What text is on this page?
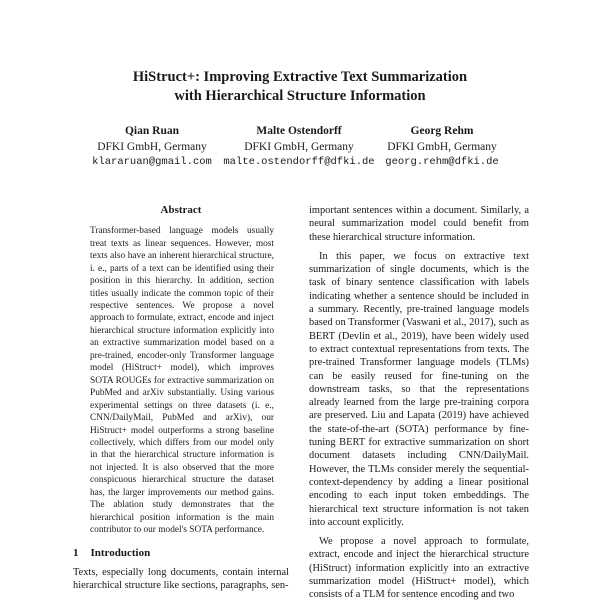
HiStruct+: Improving Extractive Text Summarization
with Hierarchical Structure Information
Qian Ruan
DFKI GmbH, Germany
klararuan@gmail.com
Malte Ostendorff
DFKI GmbH, Germany
malte.ostendorff@dfki.de
Georg Rehm
DFKI GmbH, Germany
georg.rehm@dfki.de
Abstract
Transformer-based language models usually treat texts as linear sequences. However, most texts also have an inherent hierarchical structure, i. e., parts of a text can be identified using their position in this hierarchy. In addition, section titles usually indicate the common topic of their respective sentences. We propose a novel approach to formulate, extract, encode and inject hierarchical structure information explicitly into an extractive summarization model based on a pre-trained, encoder-only Transformer language model (HiStruct+ model), which improves SOTA ROUGEs for extractive summarization on PubMed and arXiv substantially. Using various experimental settings on three datasets (i. e., CNN/DailyMail, PubMed and arXiv), our HiStruct+ model outperforms a strong baseline collectively, which differs from our model only in that the hierarchical structure information is not injected. It is also observed that the more conspicuous hierarchical structure the dataset has, the larger improvements our method gains. The ablation study demonstrates that the hierarchical position information is the main contributor to our model's SOTA performance.
1 Introduction

Texts, especially long documents, contain internal hierarchical structure like sections, paragraphs, sen-

important sentences within a document. Similarly, a neural summarization model could benefit from these hierarchical structure information.

In this paper, we focus on extractive text summarization of single documents, which is the task of binary sentence classification with labels indicating whether a sentence should be included in a summary. Recently, pre-trained language models based on Transformer (Vaswani et al., 2017), such as BERT (Devlin et al., 2019), have been widely used to extract contextual representations from texts. The pre-trained Transformer language models (TLMs) can be easily reused for fine-tuning on the downstream tasks, so that the representations already learned from the large pre-training corpora are preserved. Liu and Lapata (2019) have achieved the state-of-the-art (SOTA) performance by fine-tuning BERT for extractive summarization on short document datasets including CNN/DailyMail. However, the TLMs consider merely the sequential-context-dependency by adding a linear positional encoding to each input token embeddings. The hierarchical text structure information is not taken into account explicitly.

We propose a novel approach to formulate, extract, encode and inject the hierarchical structure (HiStruct) information explicitly into an extractive summarization model (HiStruct+ model), which consists of a TLM for sentence encoding and two
